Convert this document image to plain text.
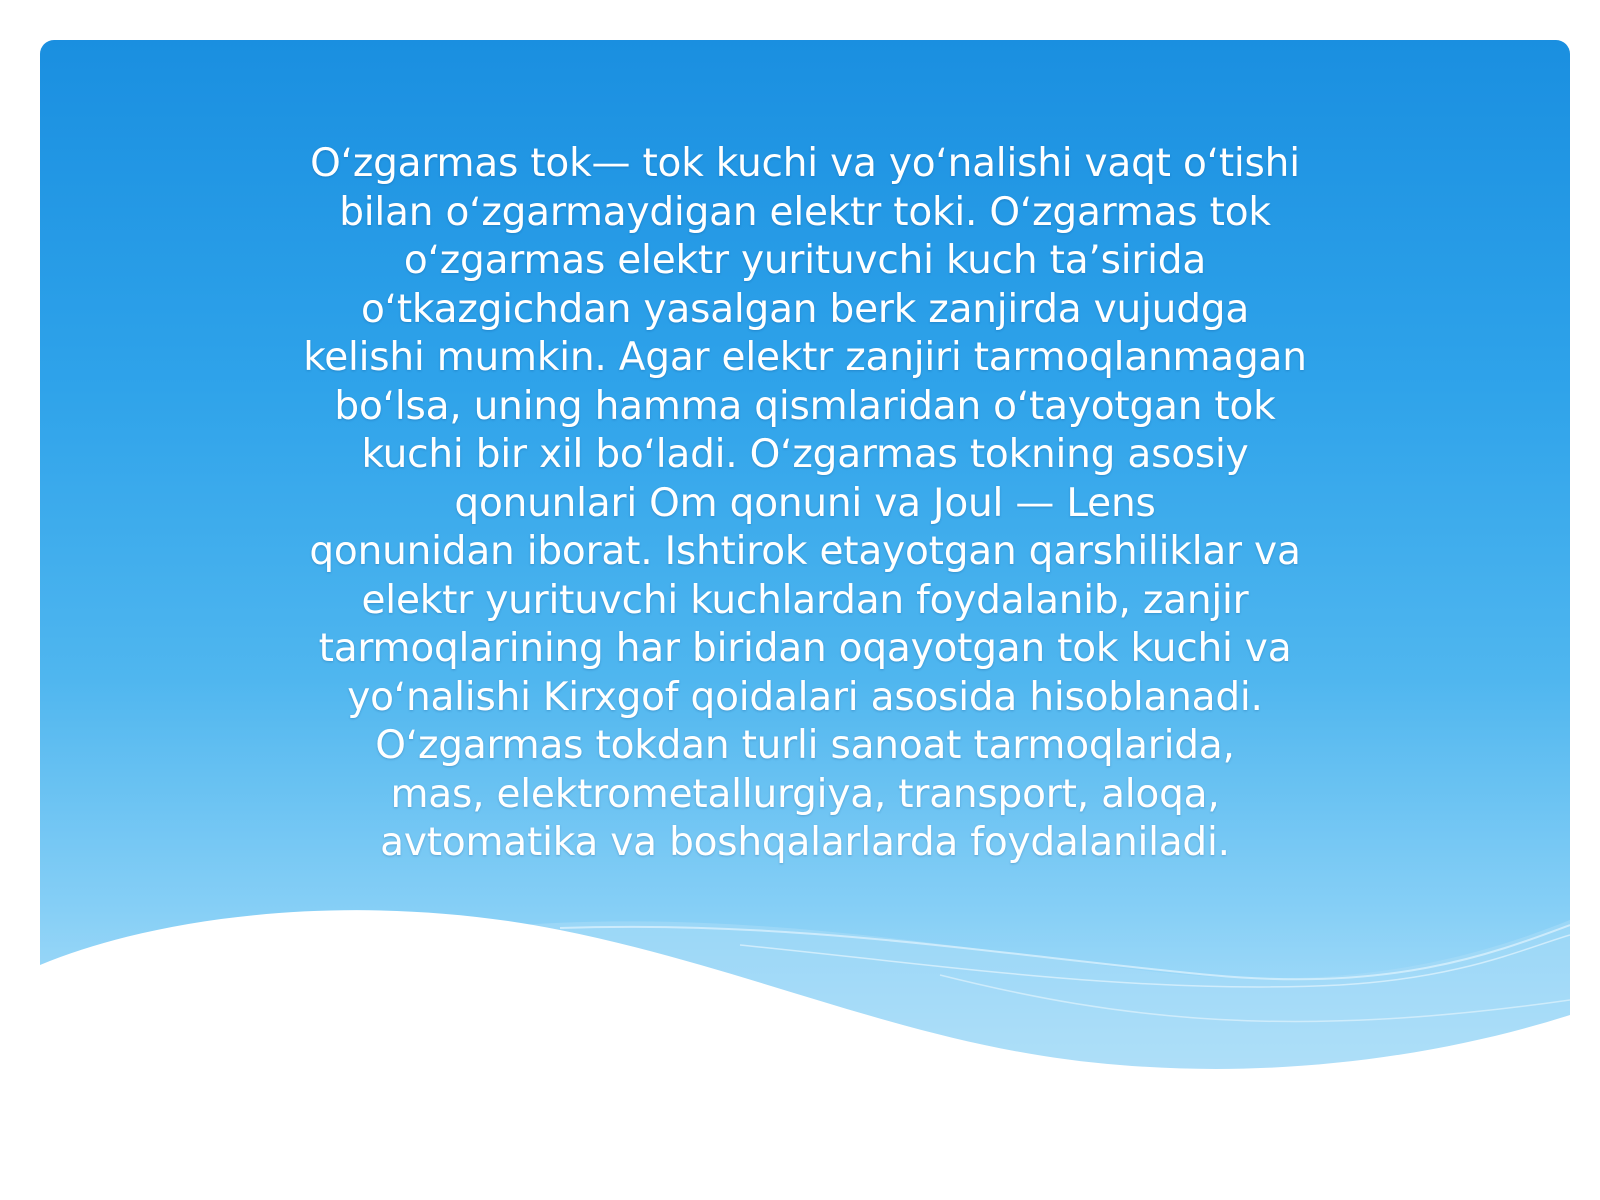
O‘zgarmas tok— tok kuchi va yo‘nalishi vaqt o‘tishi
bilan o‘zgarmaydigan elektr toki. O‘zgarmas tok
o‘zgarmas elektr yurituvchi kuch ta’sirida
o‘tkazgichdan yasalgan berk zanjirda vujudga
kelishi mumkin. Agar elektr zanjiri tarmoqlanmagan
bo‘lsa, uning hamma qismlaridan o‘tayotgan tok
kuchi bir xil bo‘ladi. O‘zgarmas tokning asosiy
qonunlari Om qonuni va Joul — Lens
qonunidan iborat. Ishtirok etayotgan qarshiliklar va
elektr yurituvchi kuchlardan foydalanib, zanjir
tarmoqlarining har biridan oqayotgan tok kuchi va
yo‘nalishi Kirxgof qoidalari asosida hisoblanadi.
O‘zgarmas tokdan turli sanoat tarmoqlarida,
mas, elektrometallurgiya, transport, aloqa,
avtomatika va boshqalarlarda foydalaniladi.
